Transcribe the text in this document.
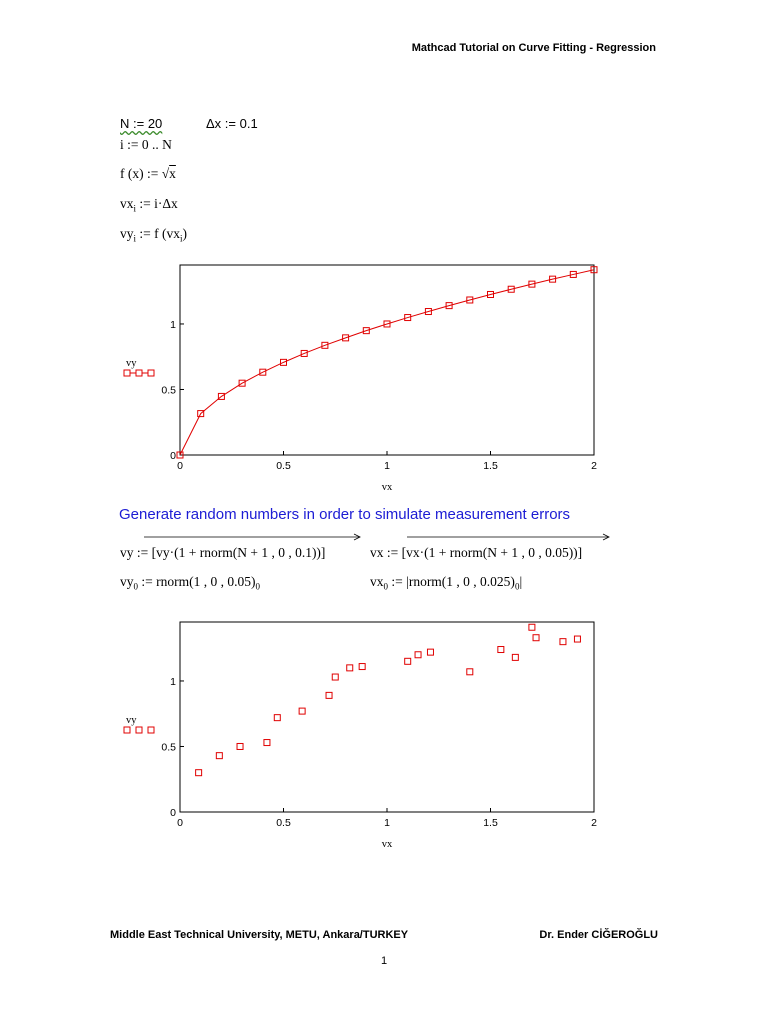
Mathcad Tutorial on Curve Fitting - Regression
N := 20	Δx := 0.1
i := 0 .. N
f (x) := √x
$vx_i$ := i·Δx
$vy_i$ := f $(vx_i)$
0	0.5	1	1.5	2
0
0.5
1
vx
vy
Generate random numbers in order to simulate measurement errors
vy := [vy·(1 + rnorm(N + 1 , 0 , 0.1))]	vx := [vx·(1 + rnorm(N + 1 , 0 , 0.05))]
$vy_0$ := rnorm(1 , 0 , $0.05)_0$	$vx_0$ := |rnorm(1 , 0 , $0.025)_0|$
0	0.5	1	1.5	2
0
0.5
1
vx
vy
Middle East Technical University, METU, Ankara/TURKEY	Dr. Ender CİĞEROĞLU
1
